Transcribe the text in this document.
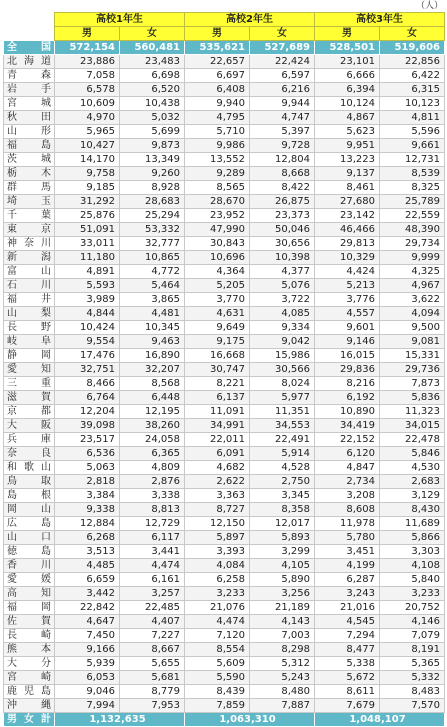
（人）
	高校1年生		高校2年生		高校3年生	
	男	女	男	女	男	女
全国	572,154	560,481	535,621	527,689	528,501	519,606
北海道	23,886	23,483	22,657	22,424	23,101	22,856
青森	7,058	6,698	6,697	6,597	6,666	6,422
岩手	6,578	6,520	6,408	6,216	6,394	6,315
宮城	10,609	10,438	9,940	9,944	10,124	10,123
秋田	4,970	5,032	4,795	4,747	4,867	4,811
山形	5,965	5,699	5,710	5,397	5,623	5,596
福島	10,427	9,873	9,986	9,728	9,951	9,661
茨城	14,170	13,349	13,552	12,804	13,223	12,731
栃木	9,758	9,260	9,289	8,668	9,137	8,539
群馬	9,185	8,928	8,565	8,422	8,461	8,325
埼玉	31,292	28,683	28,670	26,875	27,680	25,789
千葉	25,876	25,294	23,952	23,373	23,142	22,559
東京	51,091	53,332	47,990	50,046	46,466	48,390
神奈川	33,011	32,777	30,843	30,656	29,813	29,734
新潟	11,180	10,865	10,696	10,398	10,329	9,999
富山	4,891	4,772	4,364	4,377	4,424	4,325
石川	5,593	5,464	5,205	5,076	5,213	4,967
福井	3,989	3,865	3,770	3,722	3,776	3,622
山梨	4,844	4,481	4,631	4,085	4,557	4,094
長野	10,424	10,345	9,649	9,334	9,601	9,500
岐阜	9,554	9,463	9,175	9,042	9,146	9,081
静岡	17,476	16,890	16,668	15,986	16,015	15,331
愛知	32,751	32,207	30,747	30,566	29,836	29,736
三重	8,466	8,568	8,221	8,024	8,216	7,873
滋賀	6,764	6,448	6,137	5,977	6,192	5,836
京都	12,204	12,195	11,091	11,351	10,890	11,323
大阪	39,098	38,260	34,991	34,553	34,419	34,015
兵庫	23,517	24,058	22,011	22,491	22,152	22,478
奈良	6,536	6,365	6,091	5,914	6,120	5,846
和歌山	5,063	4,809	4,682	4,528	4,847	4,530
鳥取	2,818	2,876	2,622	2,750	2,734	2,683
島根	3,384	3,338	3,363	3,345	3,208	3,129
岡山	9,338	8,813	8,727	8,358	8,608	8,430
広島	12,884	12,729	12,150	12,017	11,978	11,689
山口	6,268	6,117	5,897	5,893	5,780	5,866
徳島	3,513	3,441	3,393	3,299	3,451	3,303
香川	4,485	4,474	4,084	4,105	4,199	4,108
愛媛	6,659	6,161	6,258	5,890	6,287	5,840
高知	3,442	3,257	3,233	3,256	3,243	3,233
福岡	22,842	22,485	21,076	21,189	21,016	20,752
佐賀	4,647	4,407	4,474	4,143	4,545	4,146
長崎	7,450	7,227	7,120	7,003	7,294	7,079
熊本	9,166	8,667	8,554	8,298	8,477	8,191
大分	5,939	5,655	5,609	5,312	5,338	5,365
宮崎	6,053	5,681	5,590	5,243	5,672	5,332
鹿児島	9,046	8,779	8,439	8,480	8,611	8,483
沖縄	7,994	7,953	7,859	7,887	7,679	7,570
男女計	1,132,635		1,063,310		1,048,107	
